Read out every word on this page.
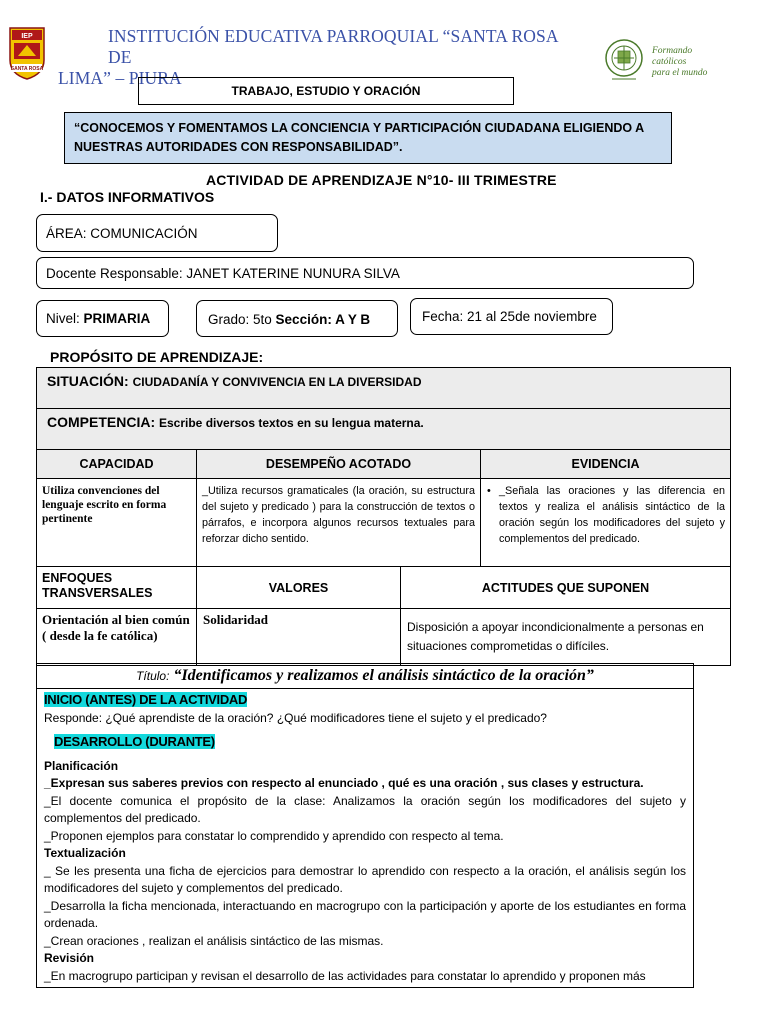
IEP
SANTA ROSA
INSTITUCIÓN EDUCATIVA PARROQUIAL “SANTA ROSA DE
LIMA” – PIURA
Formando
católicos
para el mundo
TRABAJO, ESTUDIO Y ORACIÓN
“CONOCEMOS Y FOMENTAMOS LA CONCIENCIA Y PARTICIPACIÓN CIUDADANA ELIGIENDO A NUESTRAS AUTORIDADES CON RESPONSABILIDAD”.
ACTIVIDAD DE APRENDIZAJE N°10- III TRIMESTRE
I.- DATOS INFORMATIVOS
ÁREA: COMUNICACIÓN
Docente Responsable: JANET KATERINE NUNURA SILVA
Nivel: PRIMARIA	Grado: 5to Sección: A Y B	Fecha: 21 al 25de noviembre
PROPÓSITO DE APRENDIZAJE:
SITUACIÓN: CIUDADANÍA Y CONVIVENCIA EN LA DIVERSIDAD			
COMPETENCIA: Escribe diversos textos en su lengua materna.			
CAPACIDAD	DESEMPEÑO ACOTADO		EVIDENCIA
Utiliza convenciones del lenguaje escrito en forma pertinente	_Utiliza recursos gramaticales (la oración, su estructura del sujeto y predicado ) para la construcción de textos o párrafos, e incorpora algunos recursos textuales para reforzar dicho sentido.		• _Señala las oraciones y las diferencia en textos y realiza el análisis sintáctico de la oración según los modificadores del sujeto y complementos del predicado.

ENFOQUES TRANSVERSALES	VALORES	ACTITUDES QUE SUPONEN	
Orientación al bien común ( desde la fe católica)	Solidaridad	Disposición a apoyar incondicionalmente a personas en situaciones comprometidas o difíciles.	
Título: “Identificamos y realizamos el análisis sintáctico de la oración”
INICIO (ANTES) DE LA ACTIVIDAD
Responde: ¿Qué aprendiste de la oración? ¿Qué modificadores tiene el sujeto y el predicado?
DESARROLLO (DURANTE)
Planificación
_Expresan sus saberes previos con respecto al enunciado , qué es una oración , sus clases y estructura.
_El docente comunica el propósito de la clase: Analizamos la oración según los modificadores del sujeto y complementos del predicado.
_Proponen ejemplos para constatar lo comprendido y aprendido con respecto al tema.
Textualización
_ Se les presenta una ficha de ejercicios para demostrar lo aprendido con respecto a la oración, el análisis según los modificadores del sujeto y complementos del predicado.
_Desarrolla la ficha mencionada, interactuando en macrogrupo con la participación y aporte de los estudiantes en forma ordenada.
_Crean oraciones , realizan el análisis sintáctico de las mismas.
Revisión
_En macrogrupo participan y revisan el desarrollo de las actividades para constatar lo aprendido y proponen más
